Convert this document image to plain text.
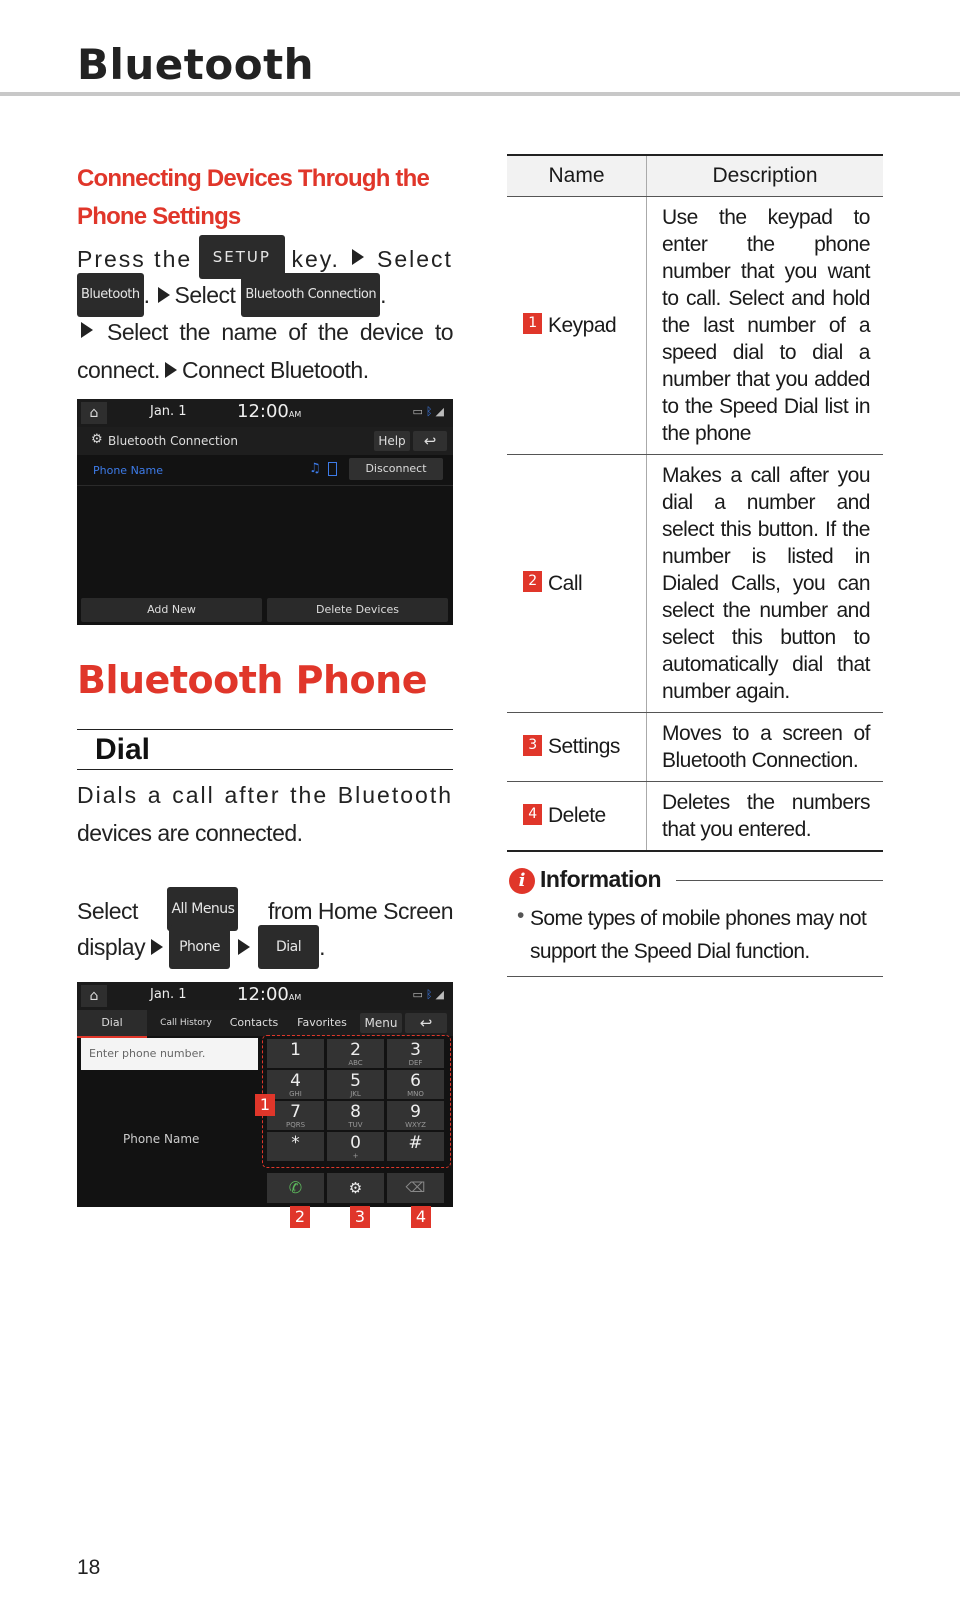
Bluetooth
Connecting Devices Through the
Phone Settings
Press the	SETUP key. Select
Bluetooth . Select Bluetooth Connection .
Select the name of the device to
connect. Connect Bluetooth.
⌂	Jan. 1	12:00AM	▭ᛒ◢
⚙ Bluetooth Connection	Help	↩
Phone Name	♫	Disconnect
Add New	Delete Devices
Bluetooth Phone
Dial
Dials a call after the Bluetooth
devices are connected.
Select All Menus from Home Screen
display Phone	Dial .
⌂	Jan. 1	12:00AM	▭ᛒ◢
Dial	Call History	Contacts	Favorites	Menu	↩
Enter phone number.
Phone Name
1	2
ABC
3
DEF
4
GHI
5
JKL
6
MNO
7
PQRS
8
TUV
9
WXYZ
*	0
+
#
✆	⚙	⌫
1
2	3	4
Name	Description
1 Keypad	Use the keypad to enter the phone number that you want to call. Select and hold the last number of a speed dial to dial a number that you added to the Speed Dial list in the phone
2 Call	Makes a call after you dial a number and select this button. If the number is listed in Dialed Calls, you can select the number and select this button to automatically dial that number again.
3 Settings	Moves to a screen of Bluetooth Connection.
4 Delete	Deletes the numbers that you entered.
i Information
• Some types of mobile phones may not support the Speed Dial function.
18
